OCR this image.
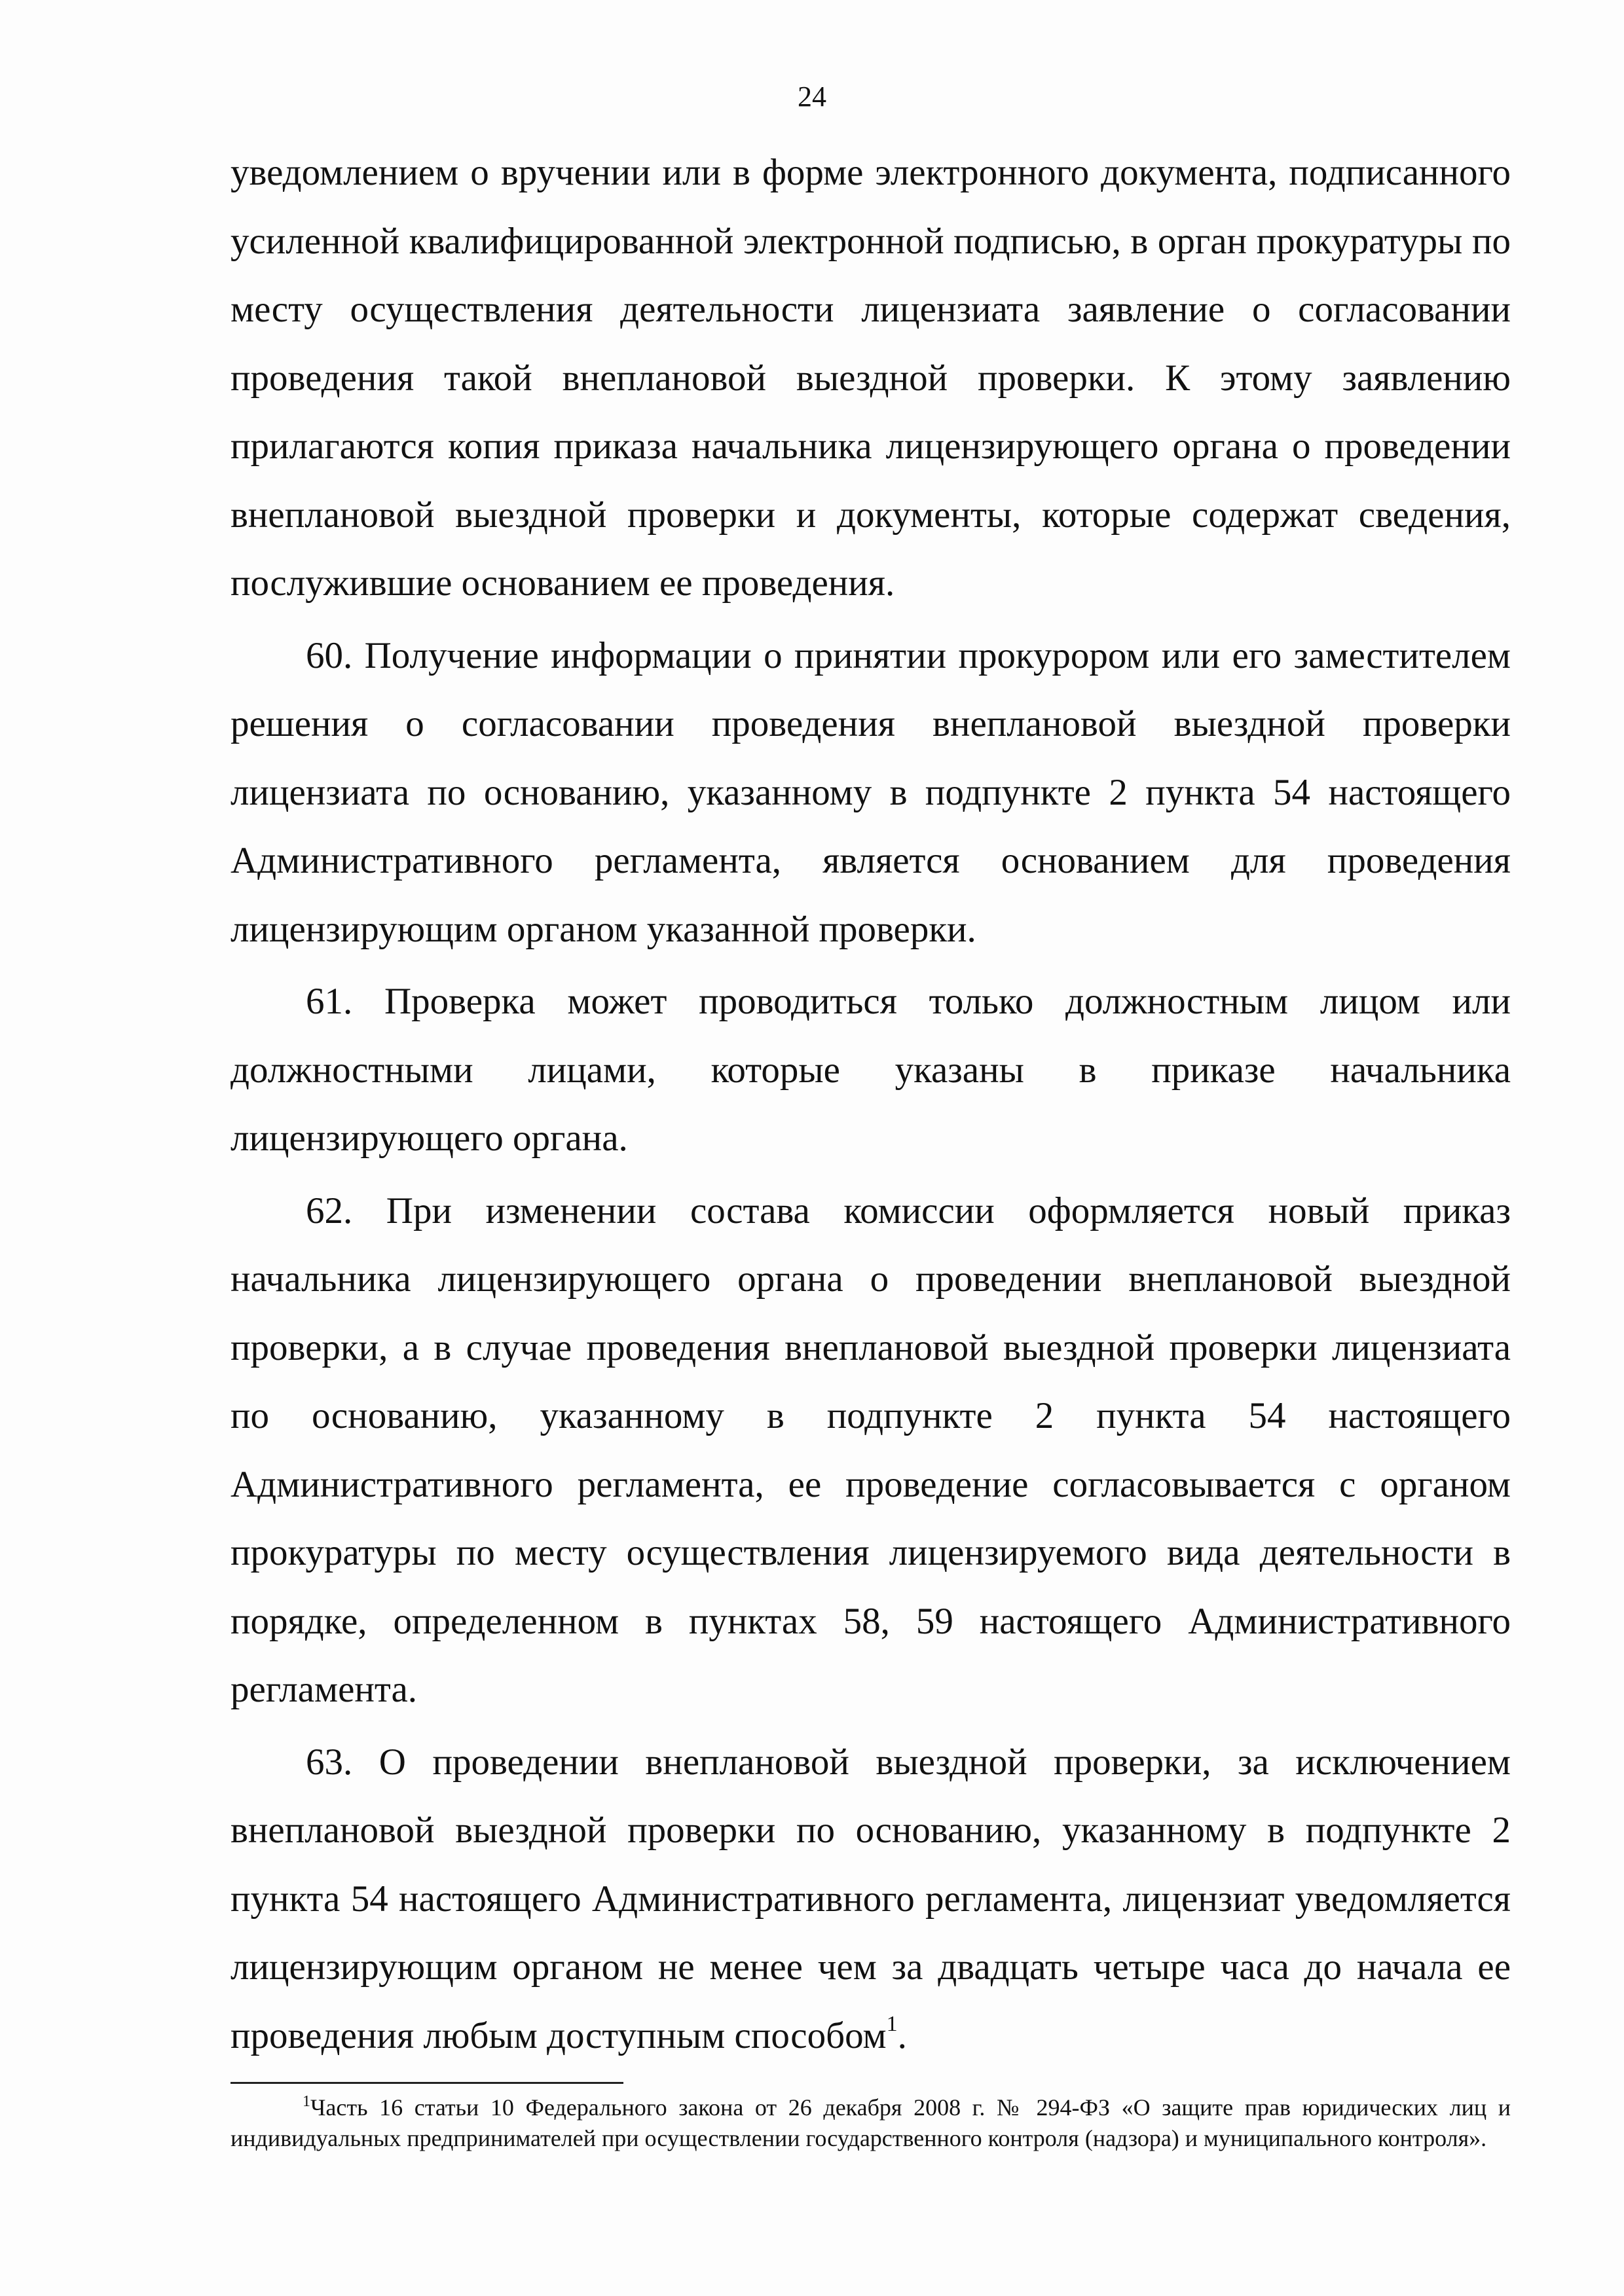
24

уведомлением о вручении или в форме электронного документа, подписанного усиленной квалифицированной электронной подписью, в орган прокуратуры по месту осуществления деятельности лицензиата заявление о согласовании проведения такой внеплановой выездной проверки. К этому заявлению прилагаются копия приказа начальника лицензирующего органа о проведении внеплановой выездной проверки и документы, которые содержат сведения, послужившие основанием ее проведения.

60. Получение информации о принятии прокурором или его заместителем решения о согласовании проведения внеплановой выездной проверки лицензиата по основанию, указанному в подпункте 2 пункта 54 настоящего Административного регламента, является основанием для проведения лицензирующим органом указанной проверки.

61. Проверка может проводиться только должностным лицом или должностными лицами, которые указаны в приказе начальника лицензирующего органа.

62. При изменении состава комиссии оформляется новый приказ начальника лицензирующего органа о проведении внеплановой выездной проверки, а в случае проведения внеплановой выездной проверки лицензиата по основанию, указанному в подпункте 2 пункта 54 настоящего Административного регламента, ее проведение согласовывается с органом прокуратуры по месту осуществления лицензируемого вида деятельности в порядке, определенном в пунктах 58, 59 настоящего Административного регламента.

63. О проведении внеплановой выездной проверки, за исключением внеплановой выездной проверки по основанию, указанному в подпункте 2 пункта 54 настоящего Административного регламента, лицензиат уведомляется лицензирующим органом не менее чем за двадцать четыре часа до начала ее проведения любым доступным способом$^1$.

$^1$Часть 16 статьи 10 Федерального закона от 26 декабря 2008 г. № 294-ФЗ «О защите прав юридических лиц и индивидуальных предпринимателей при осуществлении государственного контроля (надзора) и муниципального контроля».
